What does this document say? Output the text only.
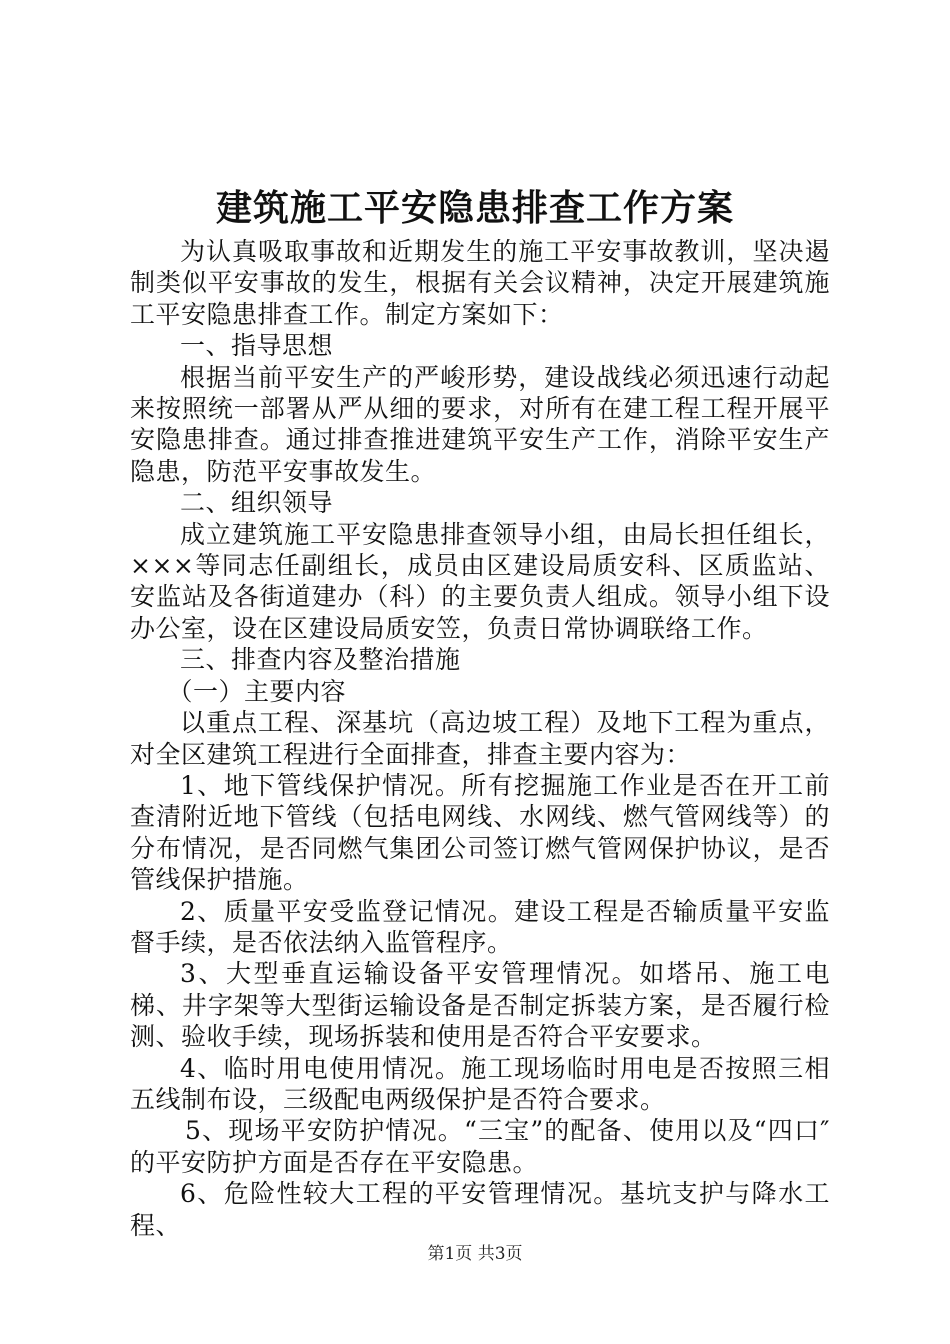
建筑施工平安隐患排查工作方案

为认真吸取事故和近期发生的施工平安事故教训，坚决遏制类似平安事故的发生，根据有关会议精神，决定开展建筑施工平安隐患排查工作。制定方案如下：

一、指导思想

根据当前平安生产的严峻形势，建设战线必须迅速行动起来按照统一部署从严从细的要求，对所有在建工程工程开展平安隐患排查。通过排查推进建筑平安生产工作，消除平安生产隐患，防范平安事故发生。

二、组织领导

成立建筑施工平安隐患排查领导小组，由局长担任组长，×××等同志任副组长，成员由区建设局质安科、区质监站、安监站及各街道建办（科）的主要负责人组成。领导小组下设办公室，设在区建设局质安笠，负责日常协调联络工作。

三、排查内容及整治措施

（一）主要内容

以重点工程、深基坑（高边坡工程）及地下工程为重点，对全区建筑工程进行全面排查，排查主要内容为：

1、地下管线保护情况。所有挖掘施工作业是否在开工前查清附近地下管线（包括电网线、水网线、燃气管网线等）的分布情况，是否同燃气集团公司签订燃气管网保护协议，是否管线保护措施。

2、质量平安受监登记情况。建设工程是否输质量平安监督手续，是否依法纳入监管程序。

3、大型垂直运输设备平安管理情况。如塔吊、施工电梯、井字架等大型街运输设备是否制定拆装方案，是否履行检测、验收手续，现场拆装和使用是否符合平安要求。

4、临时用电使用情况。施工现场临时用电是否按照三相五线制布设，三级配电两级保护是否符合要求。

5、现场平安防护情况。“三宝”的配备、使用以及“四口″的平安防护方面是否存在平安隐患。

6、危险性较大工程的平安管理情况。基坑支护与降水工程、

第1页 共3页
